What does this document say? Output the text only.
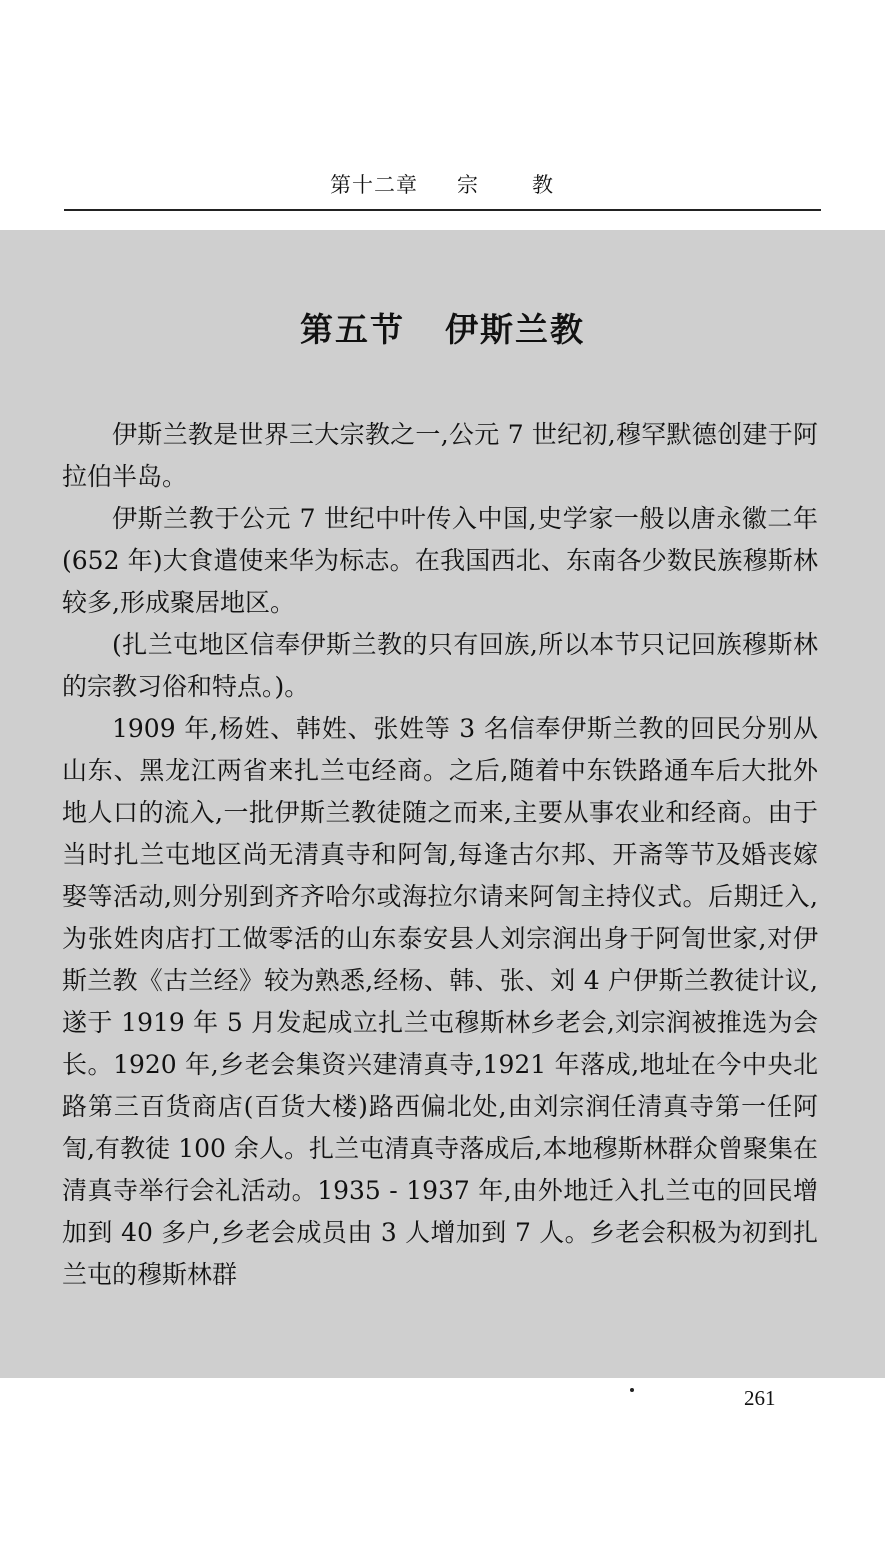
第十二章 宗	教
第五节 伊斯兰教

伊斯兰教是世界三大宗教之一,公元 7 世纪初,穆罕默德创建于阿拉伯半岛。

伊斯兰教于公元 7 世纪中叶传入中国,史学家一般以唐永徽二年(652 年)大食遣使来华为标志。在我国西北、东南各少数民族穆斯林较多,形成聚居地区。

(扎兰屯地区信奉伊斯兰教的只有回族,所以本节只记回族穆斯林的宗教习俗和特点。)。

1909 年,杨姓、韩姓、张姓等 3 名信奉伊斯兰教的回民分别从山东、黑龙江两省来扎兰屯经商。之后,随着中东铁路通车后大批外地人口的流入,一批伊斯兰教徒随之而来,主要从事农业和经商。由于当时扎兰屯地区尚无清真寺和阿訇,每逢古尔邦、开斋等节及婚丧嫁娶等活动,则分别到齐齐哈尔或海拉尔请来阿訇主持仪式。后期迁入,为张姓肉店打工做零活的山东泰安县人刘宗润出身于阿訇世家,对伊斯兰教《古兰经》较为熟悉,经杨、韩、张、刘 4 户伊斯兰教徒计议,遂于 1919 年 5 月发起成立扎兰屯穆斯林乡老会,刘宗润被推选为会长。1920 年,乡老会集资兴建清真寺,1921 年落成,地址在今中央北路第三百货商店(百货大楼)路西偏北处,由刘宗润任清真寺第一任阿訇,有教徒 100 余人。扎兰屯清真寺落成后,本地穆斯林群众曾聚集在清真寺举行会礼活动。1935 - 1937 年,由外地迁入扎兰屯的回民增加到 40 多户,乡老会成员由 3 人增加到 7 人。乡老会积极为初到扎兰屯的穆斯林群

261
